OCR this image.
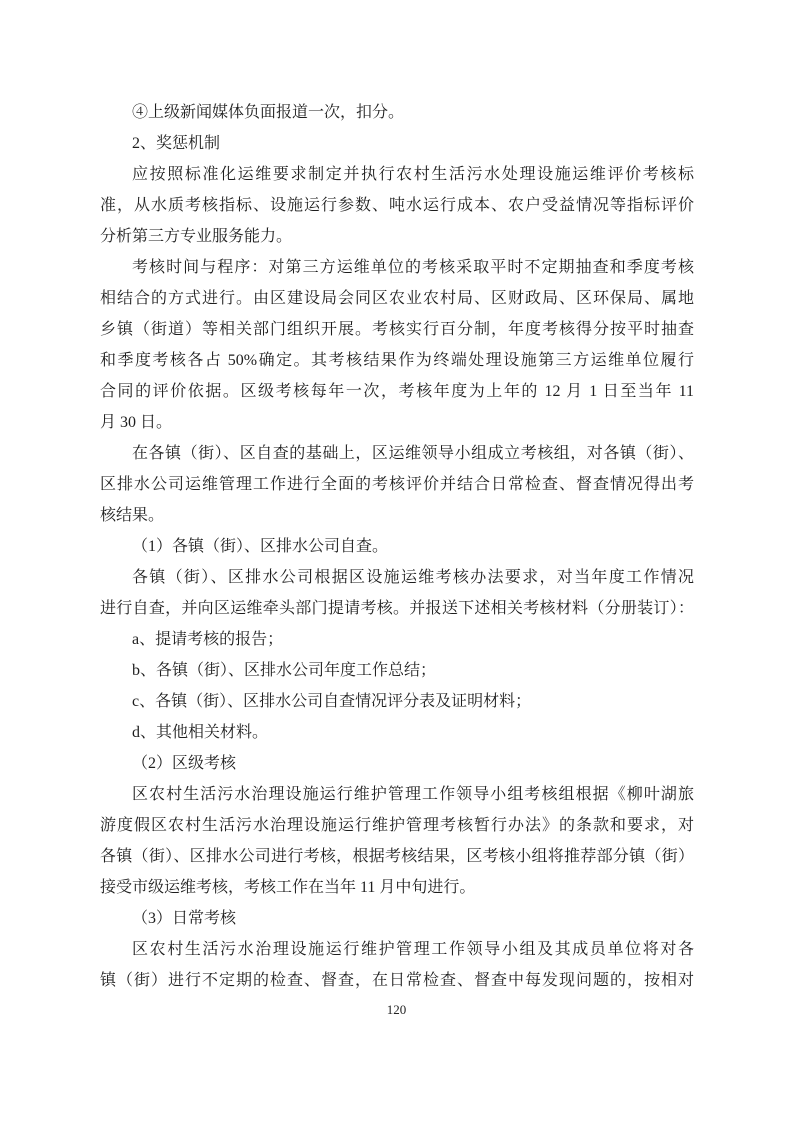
④上级新闻媒体负面报道一次，扣分。
2、奖惩机制
应按照标准化运维要求制定并执行农村生活污水处理设施运维评价考核标
准，从水质考核指标、设施运行参数、吨水运行成本、农户受益情况等指标评价
分析第三方专业服务能力。
考核时间与程序：对第三方运维单位的考核采取平时不定期抽查和季度考核
相结合的方式进行。由区建设局会同区农业农村局、区财政局、区环保局、属地
乡镇（街道）等相关部门组织开展。考核实行百分制，年度考核得分按平时抽查
和季度考核各占 50%确定。其考核结果作为终端处理设施第三方运维单位履行
合同的评价依据。区级考核每年一次，考核年度为上年的 12 月 1 日至当年 11
月 30 日。
在各镇（街）、区自查的基础上，区运维领导小组成立考核组，对各镇（街）、
区排水公司运维管理工作进行全面的考核评价并结合日常检查、督查情况得出考
核结果。
（1）各镇（街）、区排水公司自查。
各镇（街）、区排水公司根据区设施运维考核办法要求，对当年度工作情况
进行自查，并向区运维牵头部门提请考核。并报送下述相关考核材料（分册装订）：
a、提请考核的报告；
b、各镇（街）、区排水公司年度工作总结；
c、各镇（街）、区排水公司自查情况评分表及证明材料；
d、其他相关材料。
（2）区级考核
区农村生活污水治理设施运行维护管理工作领导小组考核组根据《柳叶湖旅
游度假区农村生活污水治理设施运行维护管理考核暂行办法》的条款和要求，对
各镇（街）、区排水公司进行考核，根据考核结果，区考核小组将推荐部分镇（街）
接受市级运维考核，考核工作在当年 11 月中旬进行。
（3）日常考核
区农村生活污水治理设施运行维护管理工作领导小组及其成员单位将对各
镇（街）进行不定期的检查、督查，在日常检查、督查中每发现问题的，按相对
120
